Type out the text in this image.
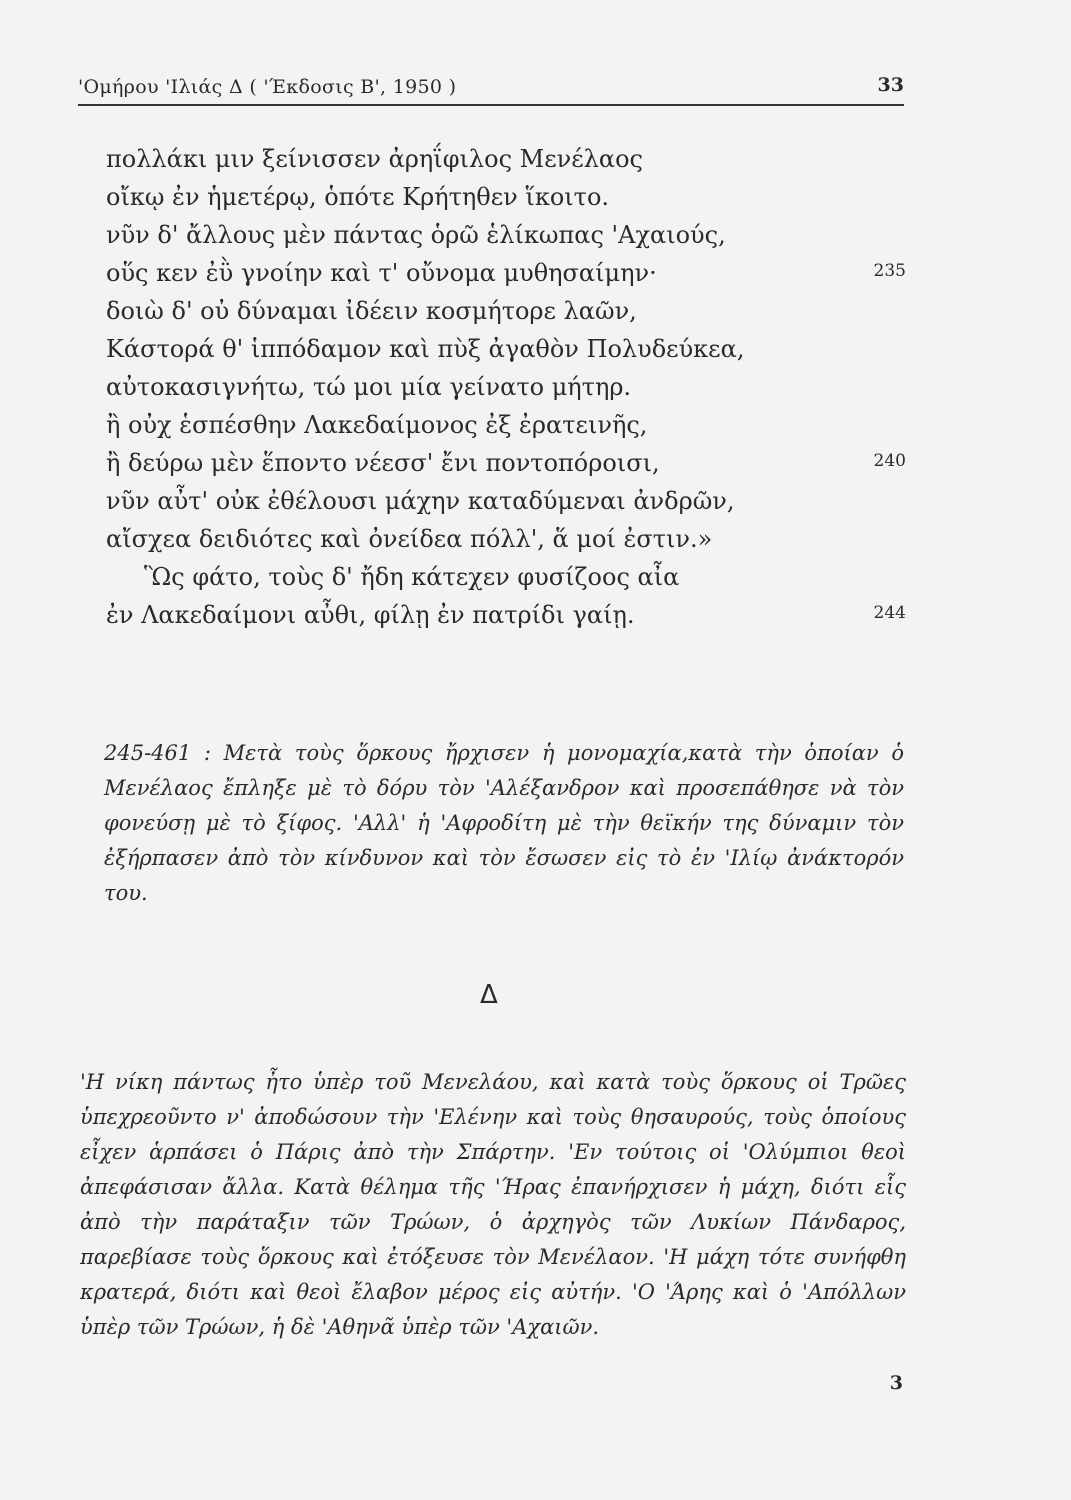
'Ομήρου 'Ιλιάς Δ ( 'Έκδοσις Β', 1950 )	33
πολλάκι μιν ξείνισσεν ἀρηΐφιλος Μενέλαος
οἴκῳ ἐν ἡμετέρῳ, ὁπότε Κρήτηθεν ἵκοιτο.
νῦν δ' ἄλλους μὲν πάντας ὁρῶ ἑλίκωπας 'Αχαιούς,
οὕς κεν ἐῢ γνοίην καὶ τ' οὔνομα μυθησαίμην·	235
δοιὼ δ' οὐ δύναμαι ἰδέειν κοσμήτορε λαῶν,
Κάστορά θ' ἱππόδαμον καὶ πὺξ ἀγαθὸν Πολυδεύκεα,
αὐτοκασιγνήτω, τώ μοι μία γείνατο μήτηρ.
ἢ οὐχ ἑσπέσθην Λακεδαίμονος ἐξ ἐρατεινῆς,
ἢ δεύρω μὲν ἕποντο νέεσσ' ἔνι ποντοπόροισι,	240
νῦν αὖτ' οὐκ ἐθέλουσι μάχην καταδύμεναι ἀνδρῶν,
αἴσχεα δειδιότες καὶ ὀνείδεα πόλλ', ἅ μοί ἐστιν.»
Ὣς φάτο, τοὺς δ' ἤδη κάτεχεν φυσίζοος αἶα
ἐν Λακεδαίμονι αὖθι, φίλῃ ἐν πατρίδι γαίῃ.	244
245-461 : Μετὰ τοὺς ὅρκους ἤρχισεν ἡ μονομαχία,κατὰ τὴν ὁποίαν ὁ Μενέλαος ἔπληξε μὲ τὸ δόρυ τὸν 'Αλέξανδρον καὶ προσεπάθησε νὰ τὸν φονεύσῃ μὲ τὸ ξίφος. 'Αλλ' ἡ 'Αφροδίτη μὲ τὴν θεϊκήν της δύναμιν τὸν ἐξήρπασεν ἀπὸ τὸν κίνδυνον καὶ τὸν ἔσωσεν εἰς τὸ ἐν 'Ιλίῳ ἀνάκτορόν του.
Δ
'Η νίκη πάντως ἦτο ὑπὲρ τοῦ Μενελάου, καὶ κατὰ τοὺς ὅρκους οἱ Τρῶες ὑπεχρεοῦντο ν' ἀποδώσουν τὴν 'Ελένην καὶ τοὺς θησαυρούς, τοὺς ὁποίους εἶχεν ἁρπάσει ὁ Πάρις ἀπὸ τὴν Σπάρτην. 'Εν τούτοις οἱ 'Ολύμπιοι θεοὶ ἀπεφάσισαν ἄλλα. Κατὰ θέλημα τῆς 'Ήρας ἐπανήρχισεν ἡ μάχη, διότι εἷς ἀπὸ τὴν παράταξιν τῶν Τρώων, ὁ ἀρχηγὸς τῶν Λυκίων Πάνδαρος, παρεβίασε τοὺς ὅρκους καὶ ἐτόξευσε τὸν Μενέλαον. 'Η μάχη τότε συνήφθη κρατερά, διότι καὶ θεοὶ ἔλαβον μέρος εἰς αὐτήν. 'Ο 'Άρης καὶ ὁ 'Απόλλων ὑπὲρ τῶν Τρώων, ἡ δὲ 'Αθηνᾶ ὑπὲρ τῶν 'Αχαιῶν.
3
